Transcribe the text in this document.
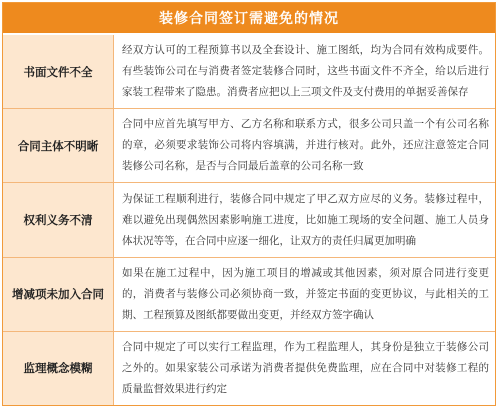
装修合同签订需避免的情况
书面文件不全
经双方认可的工程预算书以及全套设计、施工图纸，均为合同有效构成要件。有些装饰公司在与消费者签定装修合同时，这些书面文件不齐全，给以后进行家装工程带来了隐患。消费者应把以上三项文件及支付费用的单据妥善保存
合同主体不明晰
合同中应首先填写甲方、乙方名称和联系方式，很多公司只盖一个有公司名称的章，必须要求装饰公司将内容填满，并进行核对。此外，还应注意签定合同装修公司名称，是否与合同最后盖章的公司名称一致
权利义务不清
为保证工程顺利进行，装修合同中规定了甲乙双方应尽的义务。装修过程中，难以避免出现偶然因素影响施工进度，比如施工现场的安全问题、施工人员身体状况等等，在合同中应逐一细化，让双方的责任归属更加明确
增减项未加入合同
如果在施工过程中，因为施工项目的增减或其他因素，须对原合同进行变更的，消费者与装修公司必须协商一致，并签定书面的变更协议，与此相关的工期、工程预算及图纸都要做出变更，并经双方签字确认
监理概念模糊
合同中规定了可以实行工程监理，作为工程监理人，其身份是独立于装修公司之外的。如果家装公司承诺为消费者提供免费监理，应在合同中对装修工程的质量监督效果进行约定
